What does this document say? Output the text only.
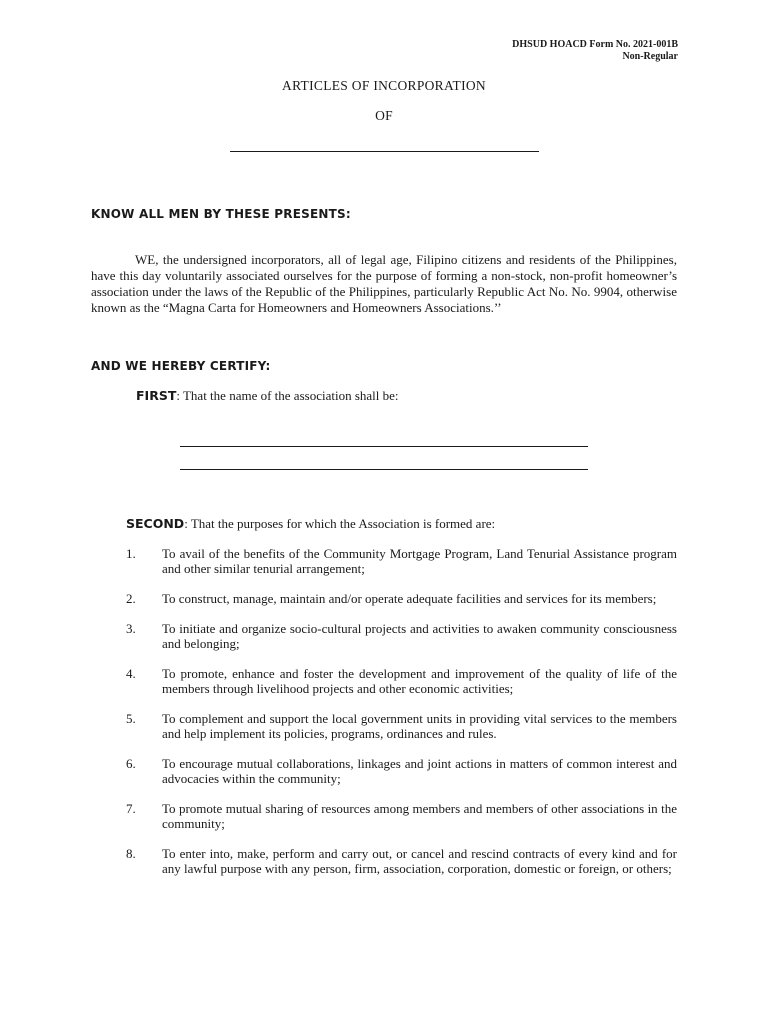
DHSUD HOACD Form No. 2021-001B
Non-Regular
ARTICLES OF INCORPORATION
OF
KNOW ALL MEN BY THESE PRESENTS:
WE, the undersigned incorporators, all of legal age, Filipino citizens and residents of the Philippines, have this day voluntarily associated ourselves for the purpose of forming a non-stock, non-profit homeowner’s association under the laws of the Republic of the Philippines, particularly Republic Act No. No. 9904, otherwise known as the “Magna Carta for Homeowners and Homeowners Associations.’’
AND WE HEREBY CERTIFY:
FIRST: That the name of the association shall be:
SECOND: That the purposes for which the Association is formed are:
1. To avail of the benefits of the Community Mortgage Program, Land Tenurial Assistance program and other similar tenurial arrangement;
2. To construct, manage, maintain and/or operate adequate facilities and services for its members;
3. To initiate and organize socio-cultural projects and activities to awaken community consciousness and belonging;
4. To promote, enhance and foster the development and improvement of the quality of life of the members through livelihood projects and other economic activities;
5. To complement and support the local government units in providing vital services to the members and help implement its policies, programs, ordinances and rules.
6. To encourage mutual collaborations, linkages and joint actions in matters of common interest and advocacies within the community;
7. To promote mutual sharing of resources among members and members of other associations in the community;
8. To enter into, make, perform and carry out, or cancel and rescind contracts of every kind and for any lawful purpose with any person, firm, association, corporation, domestic or foreign, or others;
